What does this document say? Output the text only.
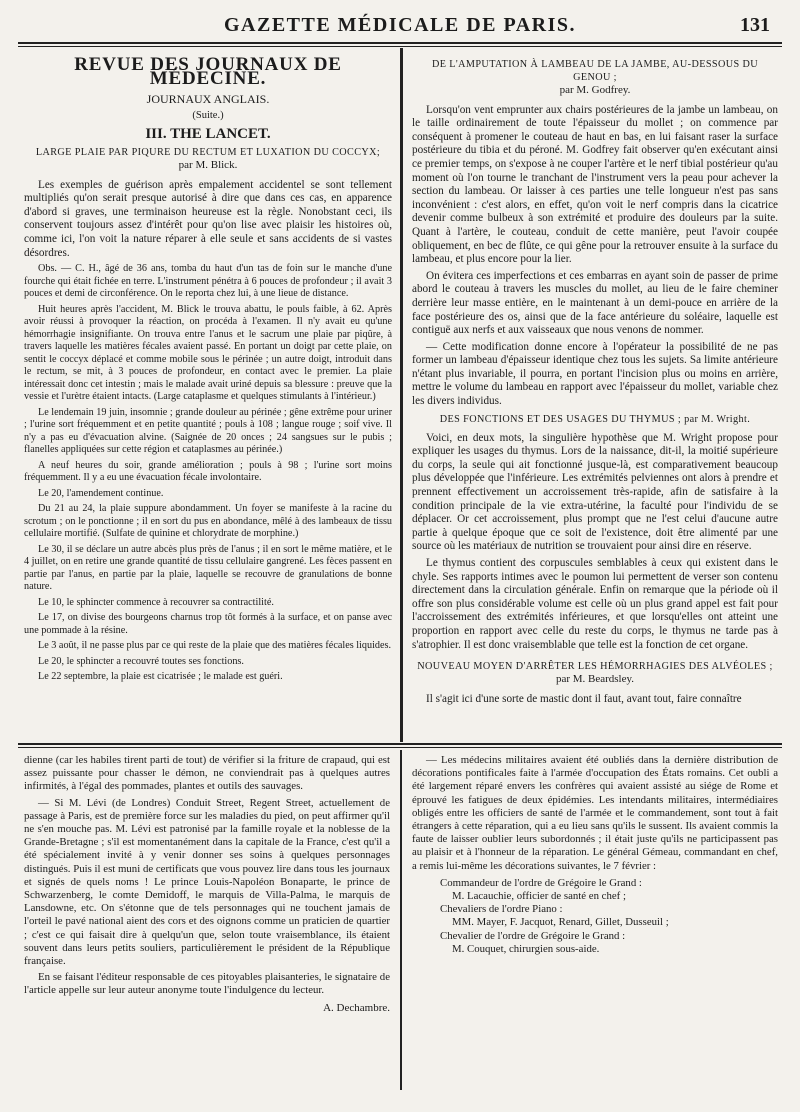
GAZETTE MÉDICALE DE PARIS.	131
REVUE DES JOURNAUX DE MÉDECINE.
JOURNAUX ANGLAIS.
(Suite.)
III. THE LANCET.
LARGE PLAIE PAR PIQURE DU RECTUM ET LUXATION DU COCCYX;
par M. Blick.

Les exemples de guérison après empalement accidentel se sont tellement multipliés qu'on serait presque autorisé à dire que dans ces cas, en apparence d'abord si graves, une terminaison heureuse est la règle. Nonobstant ceci, ils conservent toujours assez d'intérêt pour qu'on lise avec plaisir les histoires où, comme ici, l'on voit la nature réparer à elle seule et sans accidents de si vastes désordres.

Obs. — C. H., âgé de 36 ans, tomba du haut d'un tas de foin sur le manche d'une fourche qui était fichée en terre. L'instrument pénétra à 6 pouces de profondeur ; il avait 3 pouces et demi de circonférence. On le reporta chez lui, à une lieue de distance.

Huit heures après l'accident, M. Blick le trouva abattu, le pouls faible, à 62. Après avoir réussi à provoquer la réaction, on procéda à l'examen. Il n'y avait eu qu'une hémorrhagie insignifiante. On trouva entre l'anus et le sacrum une plaie par piqûre, à travers laquelle les matières fécales avaient passé. En portant un doigt par cette plaie, on sentit le coccyx déplacé et comme mobile sous le périnée ; un autre doigt, introduit dans le rectum, se mit, à 3 pouces de profondeur, en contact avec le premier. La plaie intéressait donc cet intestin ; mais le malade avait uriné depuis sa blessure : preuve que la vessie et l'urètre étaient intacts. (Large cataplasme et quelques stimulants à l'intérieur.)

Le lendemain 19 juin, insomnie ; grande douleur au périnée ; gêne extrême pour uriner ; l'urine sort fréquemment et en petite quantité ; pouls à 108 ; langue rouge ; soif vive. Il n'y a pas eu d'évacuation alvine. (Saignée de 20 onces ; 24 sangsues sur le pubis ; flanelles appliquées sur cette région et cataplasmes au périnée.)

A neuf heures du soir, grande amélioration ; pouls à 98 ; l'urine sort moins fréquemment. Il y a eu une évacuation fécale involontaire.

Le 20, l'amendement continue.

Du 21 au 24, la plaie suppure abondamment. Un foyer se manifeste à la racine du scrotum ; on le ponctionne ; il en sort du pus en abondance, mêlé à des lambeaux de tissu cellulaire mortifié. (Sulfate de quinine et chlorydrate de morphine.)

Le 30, il se déclare un autre abcès plus près de l'anus ; il en sort le même matière, et le 4 juillet, on en retire une grande quantité de tissu cellulaire gangrené. Les fèces passent en partie par l'anus, en partie par la plaie, laquelle se recouvre de granulations de bonne nature.

Le 10, le sphincter commence à recouvrer sa contractilité.

Le 17, on divise des bourgeons charnus trop tôt formés à la surface, et on panse avec une pommade à la résine.

Le 3 août, il ne passe plus par ce qui reste de la plaie que des matières fécales liquides.

Le 20, le sphincter a recouvré toutes ses fonctions.

Le 22 septembre, la plaie est cicatrisée ; le malade est guéri.

DE L'AMPUTATION À LAMBEAU DE LA JAMBE, AU-DESSOUS DU GENOU ;
par M. Godfrey.

Lorsqu'on vent emprunter aux chairs postérieures de la jambe un lambeau, on le taille ordinairement de toute l'épaisseur du mollet ; on commence par conséquent à promener le couteau de haut en bas, en lui faisant raser la surface postérieure du tibia et du péroné. M. Godfrey fait observer qu'en exécutant ainsi ce premier temps, on s'expose à ne couper l'artère et le nerf tibial postérieur qu'au moment où l'on tourne le tranchant de l'instrument vers la peau pour achever la section du lambeau. Or laisser à ces parties une telle longueur n'est pas sans inconvénient : c'est alors, en effet, qu'on voit le nerf compris dans la cicatrice devenir comme bulbeux à son extrémité et produire des douleurs par la suite. Quant à l'artère, le couteau, conduit de cette manière, peut l'avoir coupée obliquement, en bec de flûte, ce qui gêne pour la retrouver ensuite à la surface du lambeau, et plus encore pour la lier.

On évitera ces imperfections et ces embarras en ayant soin de passer de prime abord le couteau à travers les muscles du mollet, au lieu de le faire cheminer derrière leur masse entière, en le maintenant à un demi-pouce en arrière de la face postérieure des os, ainsi que de la face antérieure du soléaire, laquelle est contiguë aux nerfs et aux vaisseaux que nous venons de nommer.

— Cette modification donne encore à l'opérateur la possibilité de ne pas former un lambeau d'épaisseur identique chez tous les sujets. Sa limite antérieure n'étant plus invariable, il pourra, en portant l'incision plus ou moins en arrière, mettre le volume du lambeau en rapport avec l'épaisseur du mollet, variable chez les divers individus.

DES FONCTIONS ET DES USAGES DU THYMUS ; par M. Wright.

Voici, en deux mots, la singulière hypothèse que M. Wright propose pour expliquer les usages du thymus. Lors de la naissance, dit-il, la moitié supérieure du corps, la seule qui ait fonctionné jusque-là, est comparativement beaucoup plus développée que l'inférieure. Les extrémités pelviennes ont alors à prendre et prennent effectivement un accroissement très-rapide, afin de satisfaire à la condition principale de la vie extra-utérine, la faculté pour l'individu de se déplacer. Or cet accroissement, plus prompt que ne l'est celui d'aucune autre partie à quelque époque que ce soit de l'existence, doit être alimenté par une source où les matériaux de nutrition se trouvaient pour ainsi dire en réserve.

Le thymus contient des corpuscules semblables à ceux qui existent dans le chyle. Ses rapports intimes avec le poumon lui permettent de verser son contenu directement dans la circulation générale. Enfin on remarque que la période où il offre son plus considérable volume est celle où un plus grand appel est fait pour l'accroissement des extrémités inférieures, et que lorsqu'elles ont atteint une proportion en rapport avec celle du reste du corps, le thymus ne tarde pas à s'atrophier. Il est donc vraisemblable que telle est la fonction de cet organe.

NOUVEAU MOYEN D'ARRÊTER LES HÉMORRHAGIES DES ALVÉOLES ;
par M. Beardsley.

Il s'agit ici d'une sorte de mastic dont il faut, avant tout, faire connaître

dienne (car les habiles tirent parti de tout) de vérifier si la friture de crapaud, qui est assez puissante pour chasser le démon, ne conviendrait pas à quelques autres infirmités, à l'égal des pommades, plantes et outils des sauvages.

— Si M. Lévi (de Londres) Conduit Street, Regent Street, actuellement de passage à Paris, est de première force sur les maladies du pied, on peut affirmer qu'il ne s'en mouche pas. M. Lévi est patronisé par la famille royale et la noblesse de la Grande-Bretagne ; s'il est momentanément dans la capitale de la France, c'est qu'il a été spécialement invité à y venir donner ses soins à quelques personnages distingués. Puis il est muni de certificats que vous pouvez lire dans tous les journaux et signés de quels noms ! Le prince Louis-Napoléon Bonaparte, le prince de Schwarzenberg, le comte Demidoff, le marquis de Villa-Palma, le marquis de Lansdowne, etc. On s'étonne que de tels personnages qui ne touchent jamais de l'orteil le pavé national aient des cors et des oignons comme un praticien de quartier ; c'est ce qui faisait dire à quelqu'un que, selon toute vraisemblance, ils étaient souvent dans leurs petits souliers, particulièrement le président de la République française.

En se faisant l'éditeur responsable de ces pitoyables plaisanteries, le signataire de l'article appelle sur leur auteur anonyme toute l'indulgence du lecteur.

A. Dechambre.

— Les médecins militaires avaient été oubliés dans la dernière distribution de décorations pontificales faite à l'armée d'occupation des États romains. Cet oubli a été largement réparé envers les confrères qui avaient assisté au siége de Rome et éprouvé les fatigues de deux épidémies. Les intendants militaires, intermédiaires obligés entre les officiers de santé de l'armée et le commandement, sont tout à fait étrangers à cette réparation, qui a eu lieu sans qu'ils le sussent. Ils avaient commis la faute de laisser oublier leurs subordonnés ; il était juste qu'ils ne participassent pas au plaisir et à l'honneur de la réparation. Le général Gémeau, commandant en chef, a remis lui-même les décorations suivantes, le 7 février :

Commandeur de l'ordre de Grégoire le Grand :
M. Lacauchie, officier de santé en chef ;
Chevaliers de l'ordre Piano :
MM. Mayer, F. Jacquot, Renard, Gillet, Dusseuil ;
Chevalier de l'ordre de Grégoire le Grand :
M. Couquet, chirurgien sous-aide.
